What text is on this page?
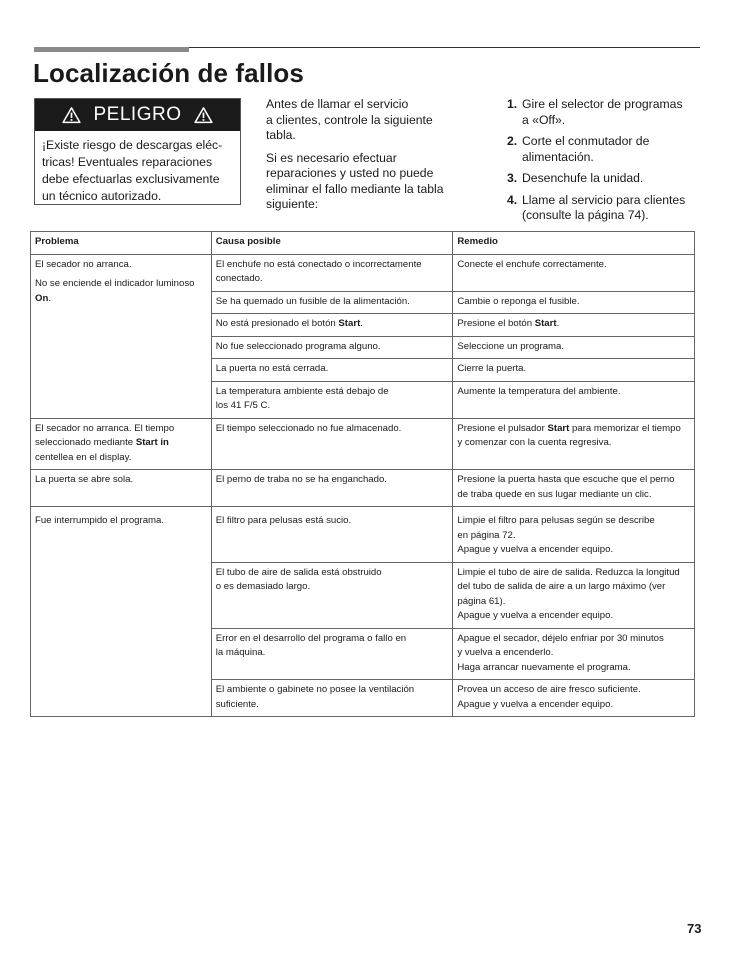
Localización de fallos
PELIGRO
¡Existe riesgo de descargas eléc-
tricas! Eventuales reparaciones
debe efectuarlas exclusivamente
un técnico autorizado.

Antes de llamar el servicio
a clientes, controle la siguiente
tabla.

Si es necesario efectuar
reparaciones y usted no puede
eliminar el fallo mediante la tabla
siguiente:

1. Gire el selector de programas
a «Off».
2. Corte el conmutador de
alimentación.
3. Desenchufe la unidad.
4. Llame al servicio para clientes
(consulte la página 74).
Problema	Causa posible	Remedio
El secador no arranca.
No se enciende el indicador luminoso
On.	El enchufe no está conectado o incorrectamente
conectado.	Conecte el enchufe correctamente.
	Se ha quemado un fusible de la alimentación.	Cambie o reponga el fusible.
	No está presionado el botón Start.	Presione el botón Start.
	No fue seleccionado programa alguno.	Seleccione un programa.
	La puerta no está cerrada.	Cierre la puerta.
	La temperatura ambiente está debajo de
los 41 F/5 C.	Aumente la temperatura del ambiente.
El secador no arranca. El tiempo
seleccionado mediante Start in
centellea en el display.	El tiempo seleccionado no fue almacenado.	Presione el pulsador Start para memorizar el tiempo
y comenzar con la cuenta regresiva.
La puerta se abre sola.	El perno de traba no se ha enganchado.	Presione la puerta hasta que escuche que el perno
de traba quede en sus lugar mediante un clic.
Fue interrumpido el programa.	El filtro para pelusas está sucio.	Limpie el filtro para pelusas según se describe
en página 72.
Apague y vuelva a encender equipo.
	El tubo de aire de salida está obstruido
o es demasiado largo.	Limpie el tubo de aire de salida. Reduzca la longitud
del tubo de salida de aire a un largo máximo (ver
página 61).
Apague y vuelva a encender equipo.
	Error en el desarrollo del programa o fallo en
la máquina.	Apague el secador, déjelo enfriar por 30 minutos
y vuelva a encenderlo.
Haga arrancar nuevamente el programa.
	El ambiente o gabinete no posee la ventilación
suficiente.	Provea un acceso de aire fresco suficiente.
Apague y vuelva a encender equipo.
73
